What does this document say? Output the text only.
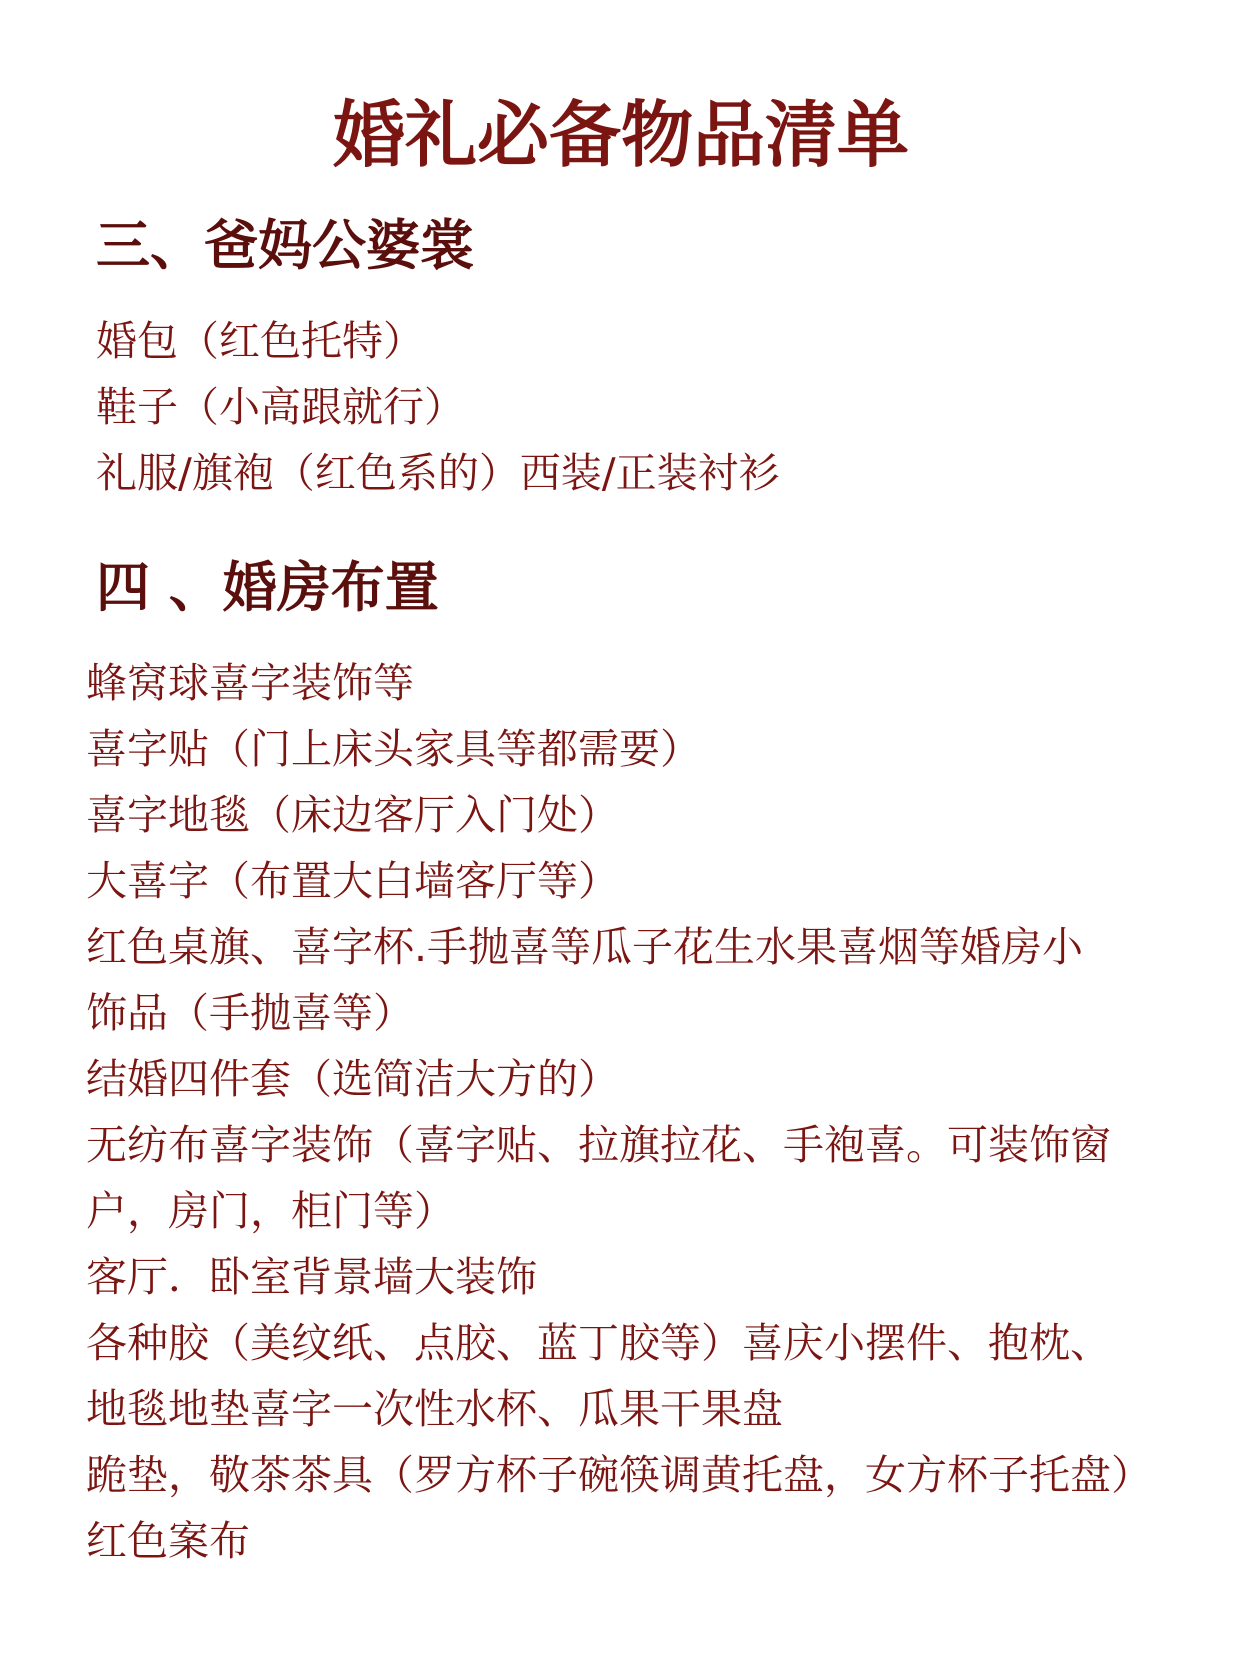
婚礼必备物品清单
三、爸妈公婆裳
婚包（红色托特）
鞋子（小高跟就行）
礼服/旗袍（红色系的）西装/正装衬衫
四 、婚房布置
蜂窝球喜字装饰等
喜字贴（门上床头家具等都需要）
喜字地毯（床边客厅入门处）
大喜字（布置大白墙客厅等）
红色桌旗、喜字杯.手抛喜等瓜子花生水果喜烟等婚房小
饰品（手抛喜等）
结婚四件套（选简洁大方的）
无纺布喜字装饰（喜字贴、拉旗拉花、手袍喜。可装饰窗
户，房门，柜门等）
客厅．卧室背景墙大装饰
各种胶（美纹纸、点胶、蓝丁胶等）喜庆小摆件、抱枕、
地毯地垫喜字一次性水杯、瓜果干果盘
跪垫，敬茶茶具（罗方杯子碗筷调黄托盘，女方杯子托盘）
红色案布
